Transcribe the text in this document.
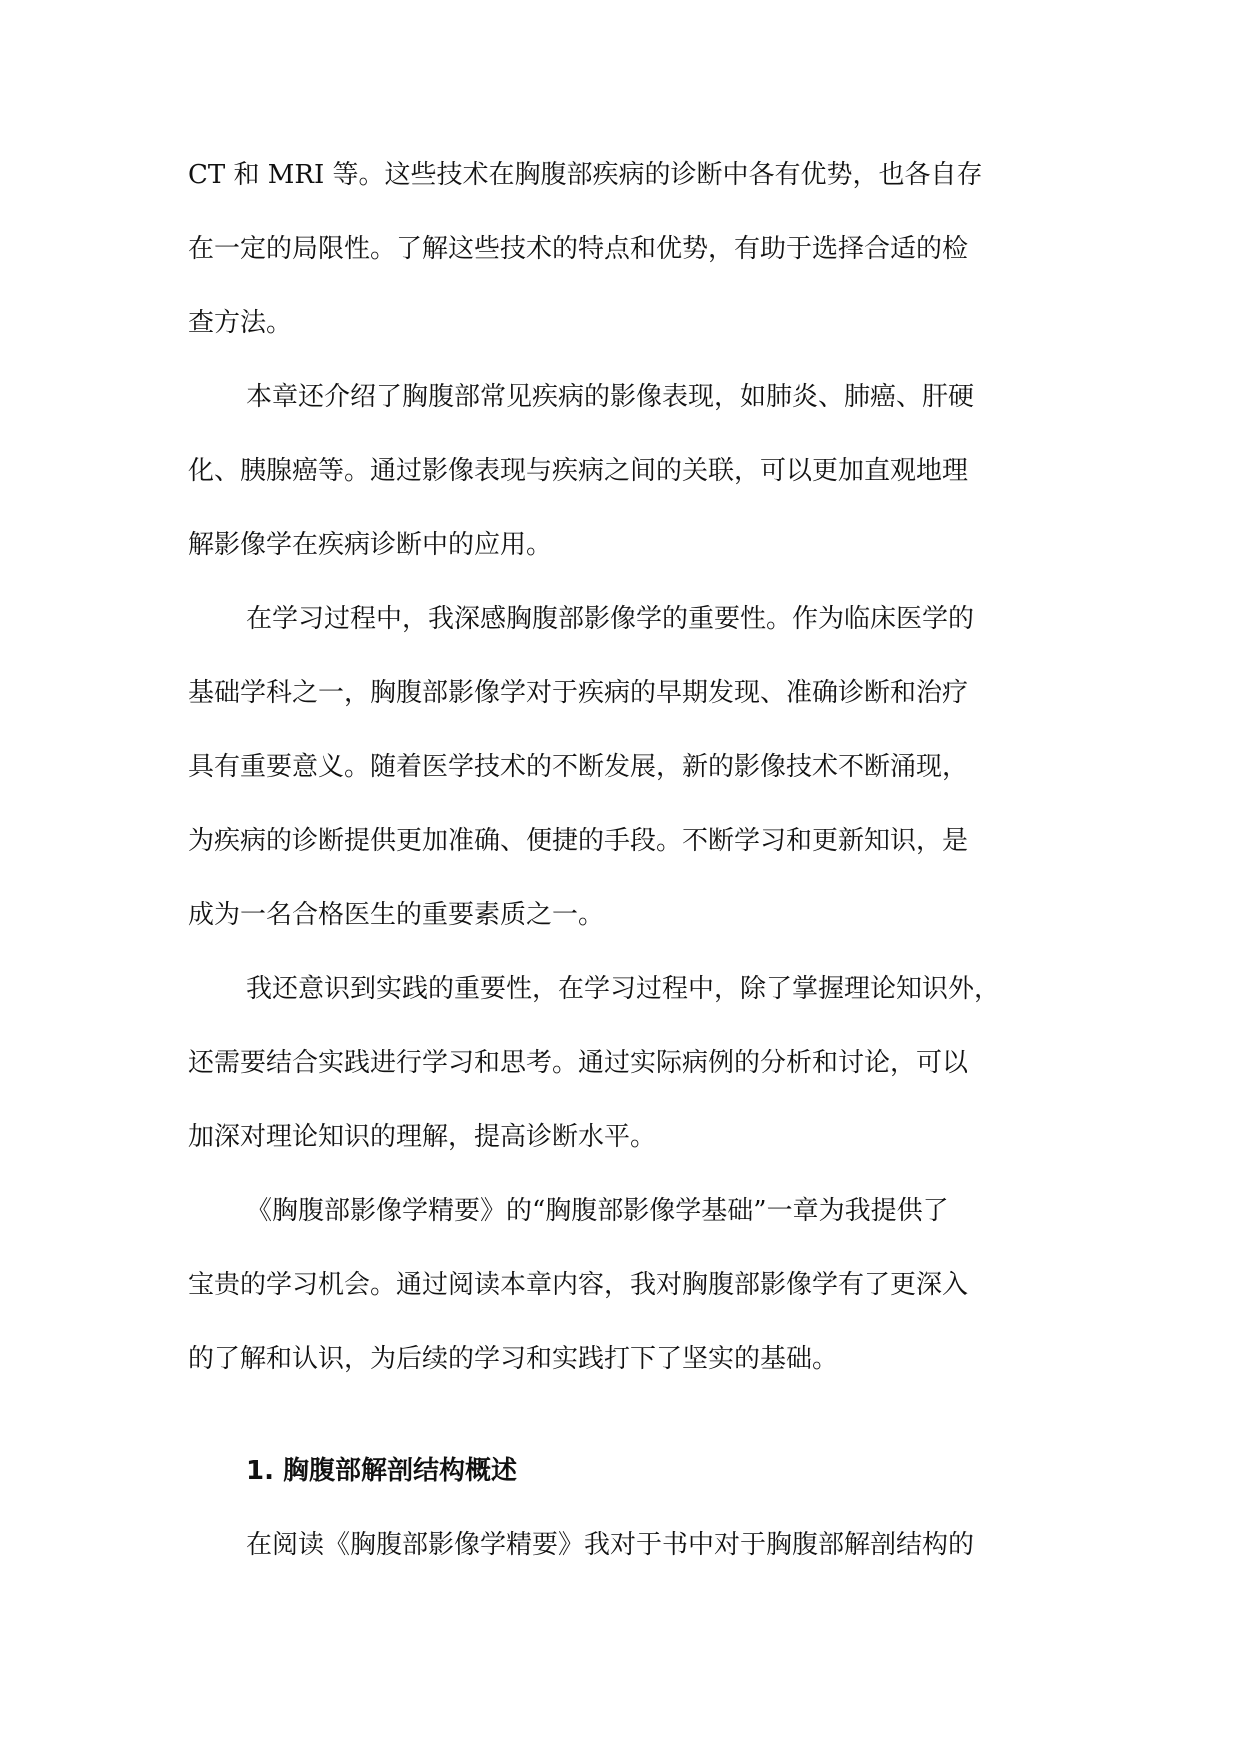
CT 和 MRI 等。这些技术在胸腹部疾病的诊断中各有优势，也各自存
在一定的局限性。了解这些技术的特点和优势，有助于选择合适的检
查方法。
本章还介绍了胸腹部常见疾病的影像表现，如肺炎、肺癌、肝硬
化、胰腺癌等。通过影像表现与疾病之间的关联，可以更加直观地理
解影像学在疾病诊断中的应用。
在学习过程中，我深感胸腹部影像学的重要性。作为临床医学的
基础学科之一，胸腹部影像学对于疾病的早期发现、准确诊断和治疗
具有重要意义。随着医学技术的不断发展，新的影像技术不断涌现，
为疾病的诊断提供更加准确、便捷的手段。不断学习和更新知识，是
成为一名合格医生的重要素质之一。
我还意识到实践的重要性，在学习过程中，除了掌握理论知识外，
还需要结合实践进行学习和思考。通过实际病例的分析和讨论，可以
加深对理论知识的理解，提高诊断水平。
《胸腹部影像学精要》的“胸腹部影像学基础”一章为我提供了
宝贵的学习机会。通过阅读本章内容，我对胸腹部影像学有了更深入
的了解和认识，为后续的学习和实践打下了坚实的基础。
1. 胸腹部解剖结构概述
在阅读《胸腹部影像学精要》我对于书中对于胸腹部解剖结构的
